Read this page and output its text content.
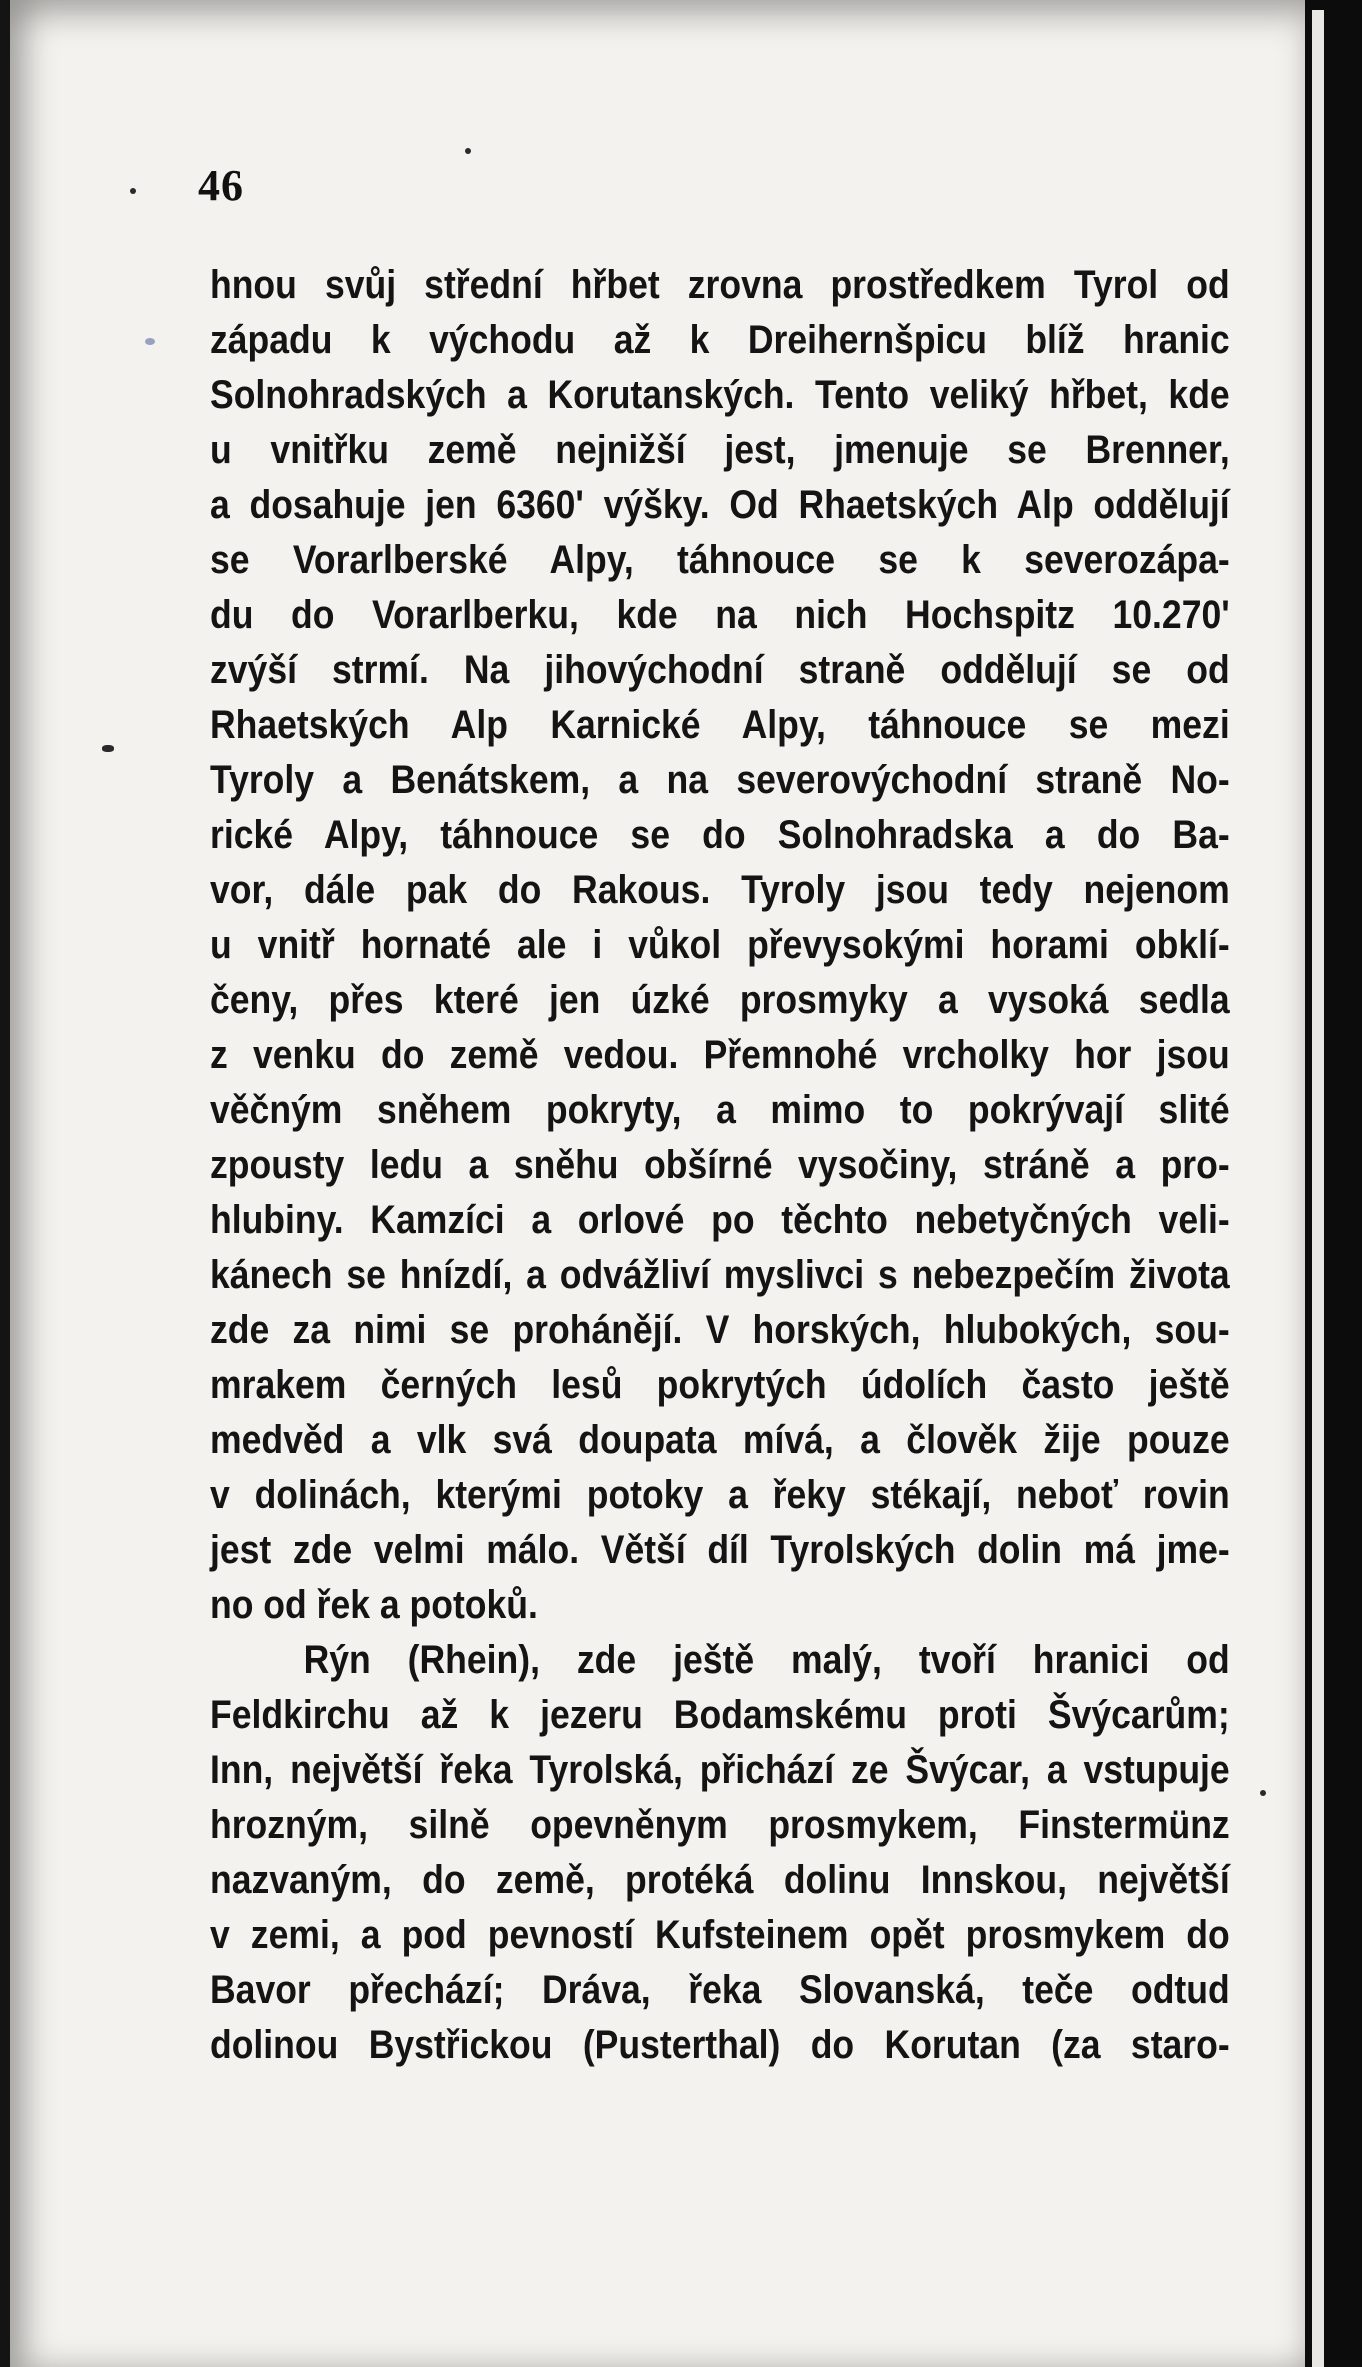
46
hnou svůj střední hřbet zrovna prostředkem Tyrol od
západu k východu až k Dreihernšpicu blíž hranic
Solnohradských a Korutanských. Tento veliký hřbet, kde
u vnitřku země nejnižší jest, jmenuje se Brenner,
a dosahuje jen 6360' výšky. Od Rhaetských Alp oddělují
se Vorarlberské Alpy, táhnouce se k severozápa-
du do Vorarlberku, kde na nich Hochspitz 10.270'
zvýší strmí. Na jihovýchodní straně oddělují se od
Rhaetských Alp Karnické Alpy, táhnouce se mezi
Tyroly a Benátskem, a na severovýchodní straně No-
rické Alpy, táhnouce se do Solnohradska a do Ba-
vor, dále pak do Rakous. Tyroly jsou tedy nejenom
u vnitř hornaté ale i vůkol převysokými horami obklí-
čeny, přes které jen úzké prosmyky a vysoká sedla
z venku do země vedou. Přemnohé vrcholky hor jsou
věčným sněhem pokryty, a mimo to pokrývají slité
zpousty ledu a sněhu obšírné vysočiny, stráně a pro-
hlubiny. Kamzíci a orlové po těchto nebetyčných veli-
kánech se hnízdí, a odvážliví myslivci s nebezpečím života
zde za nimi se prohánějí. V horských, hlubokých, sou-
mrakem černých lesů pokrytých údolích často ještě
medvěd a vlk svá doupata mívá, a člověk žije pouze
v dolinách, kterými potoky a řeky stékají, neboť rovin
jest zde velmi málo. Větší díl Tyrolských dolin má jme-
no od řek a potoků.
Rýn (Rhein), zde ještě malý, tvoří hranici od
Feldkirchu až k jezeru Bodamskému proti Švýcarům;
Inn, největší řeka Tyrolská, přichází ze Švýcar, a vstupuje
hrozným, silně opevněnym prosmykem, Finstermünz
nazvaným, do země, protéká dolinu Innskou, největší
v zemi, a pod pevností Kufsteinem opět prosmykem do
Bavor přechází; Dráva, řeka Slovanská, teče odtud
dolinou Bystřickou (Pusterthal) do Korutan (za staro-
